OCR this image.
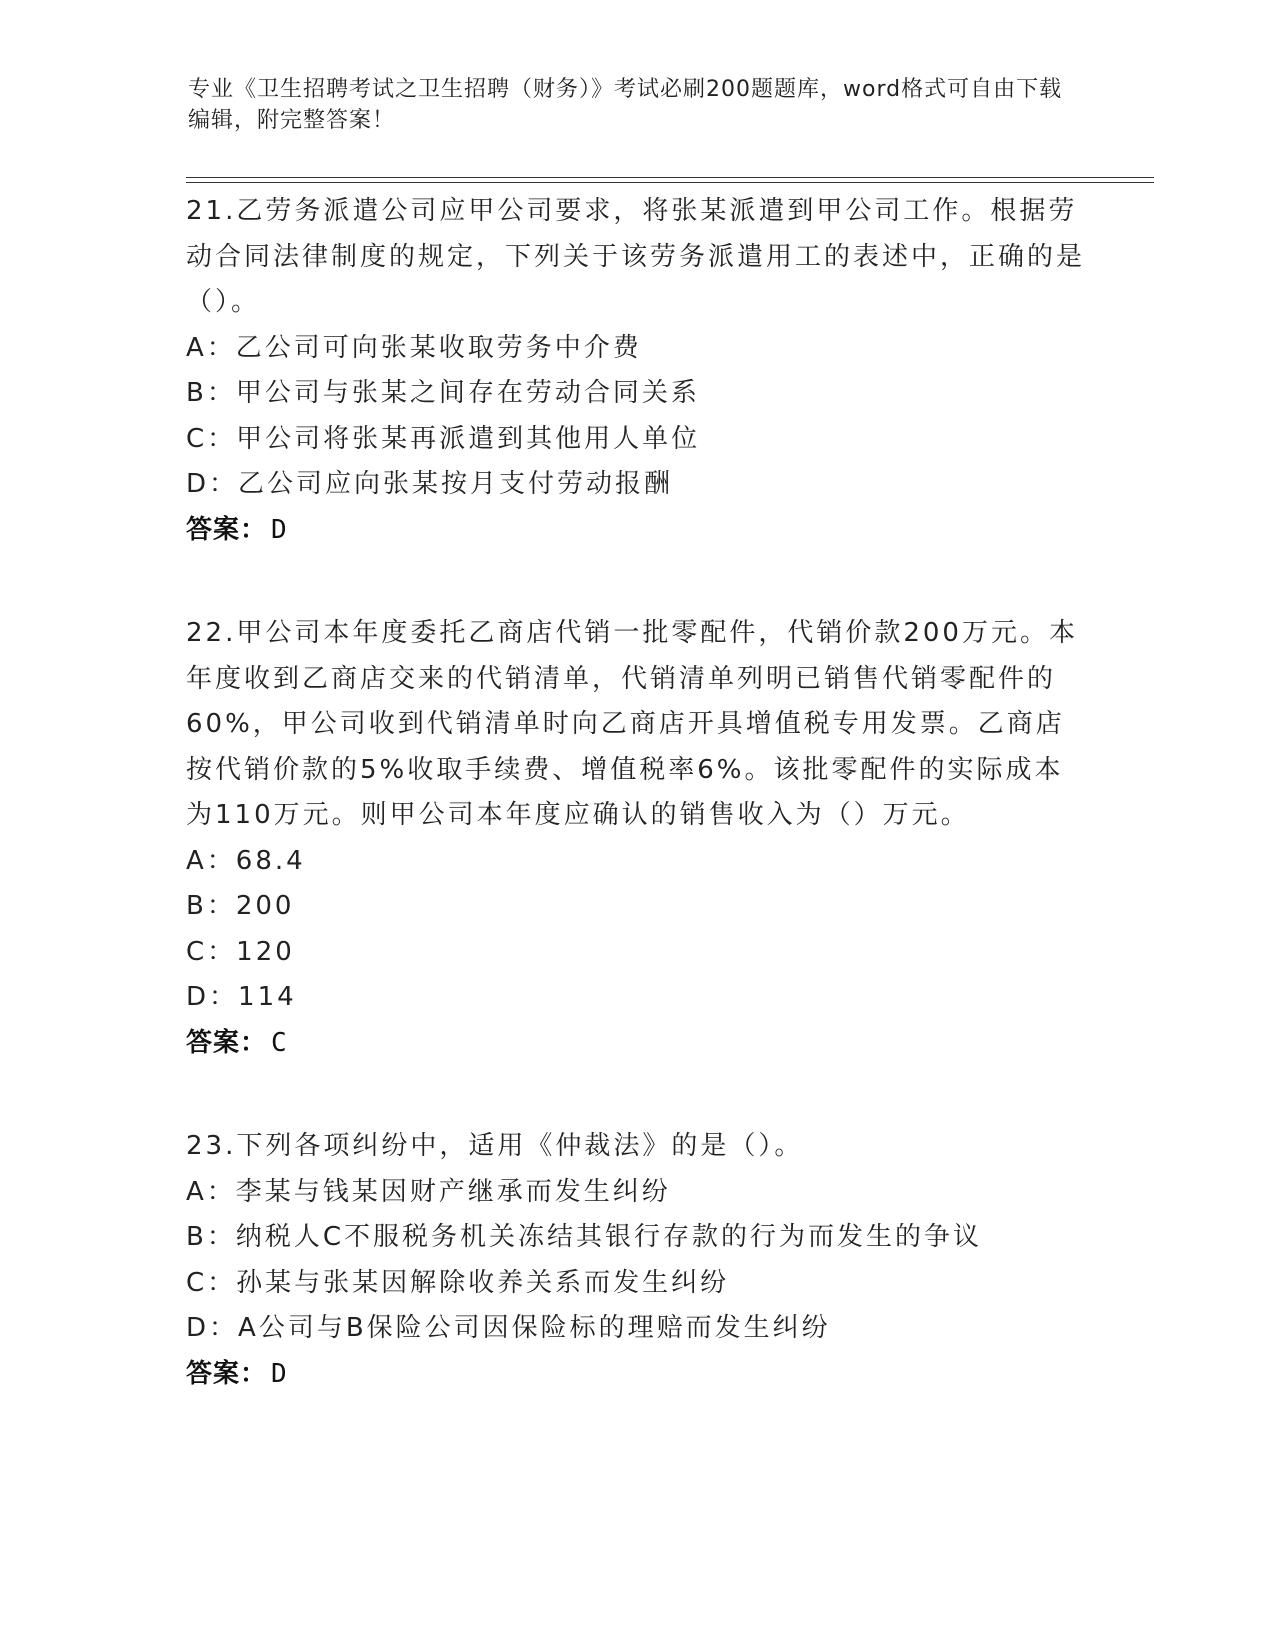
专业《卫生招聘考试之卫生招聘（财务）》考试必刷200题题库，word格式可自由下载编辑，附完整答案！
21.乙劳务派遣公司应甲公司要求，将张某派遣到甲公司工作。根据劳动合同法律制度的规定，下列关于该劳务派遣用工的表述中，正确的是（）。
A：乙公司可向张某收取劳务中介费
B：甲公司与张某之间存在劳动合同关系
C：甲公司将张某再派遣到其他用人单位
D：乙公司应向张某按月支付劳动报酬
答案： D
22.甲公司本年度委托乙商店代销一批零配件，代销价款200万元。本年度收到乙商店交来的代销清单，代销清单列明已销售代销零配件的60%，甲公司收到代销清单时向乙商店开具增值税专用发票。乙商店按代销价款的5%收取手续费、增值税率6%。该批零配件的实际成本为110万元。则甲公司本年度应确认的销售收入为（）万元。
A：68.4
B：200
C：120
D：114
答案： C
23.下列各项纠纷中，适用《仲裁法》的是（）。
A：李某与钱某因财产继承而发生纠纷
B：纳税人C不服税务机关冻结其银行存款的行为而发生的争议
C：孙某与张某因解除收养关系而发生纠纷
D：A公司与B保险公司因保险标的理赔而发生纠纷
答案： D
